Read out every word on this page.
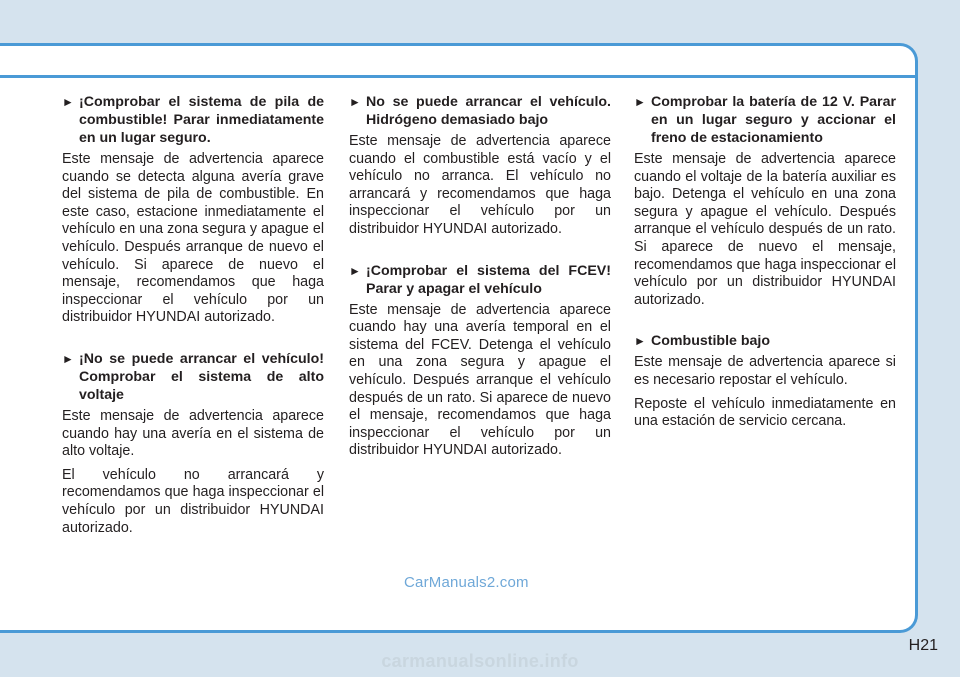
► ¡Comprobar el sistema de pila de combustible! Parar inmediatamente en un lugar seguro.
Este mensaje de advertencia aparece cuando se detecta alguna avería grave del sistema de pila de combustible. En este caso, estacione inmediatamente el vehículo en una zona segura y apague el vehículo. Después arranque de nuevo el vehículo. Si aparece de nuevo el mensaje, recomendamos que haga inspeccionar el vehículo por un distribuidor HYUNDAI autorizado.
► ¡No se puede arrancar el vehículo! Comprobar el sistema de alto voltaje
Este mensaje de advertencia aparece cuando hay una avería en el sistema de alto voltaje.
El vehículo no arrancará y recomendamos que haga inspeccionar el vehículo por un distribuidor HYUNDAI autorizado.
► No se puede arrancar el vehículo. Hidrógeno demasiado bajo
Este mensaje de advertencia aparece cuando el combustible está vacío y el vehículo no arranca. El vehículo no arrancará y recomendamos que haga inspeccionar el vehículo por un distribuidor HYUNDAI autorizado.
► ¡Comprobar el sistema del FCEV! Parar y apagar el vehículo
Este mensaje de advertencia aparece cuando hay una avería temporal en el sistema del FCEV. Detenga el vehículo en una zona segura y apague el vehículo. Después arranque el vehículo después de un rato. Si aparece de nuevo el mensaje, recomendamos que haga inspeccionar el vehículo por un distribuidor HYUNDAI autorizado.
► Comprobar la batería de 12 V. Parar en un lugar seguro y accionar el freno de estacionamiento
Este mensaje de advertencia aparece cuando el voltaje de la batería auxiliar es bajo. Detenga el vehículo en una zona segura y apague el vehículo. Después arranque el vehículo después de un rato. Si aparece de nuevo el mensaje, recomendamos que haga inspeccionar el vehículo por un distribuidor HYUNDAI autorizado.
► Combustible bajo
Este mensaje de advertencia aparece si es necesario repostar el vehículo.
Reposte el vehículo inmediatamente en una estación de servicio cercana.
CarManuals2.com
H21
carmanualsonline.info
